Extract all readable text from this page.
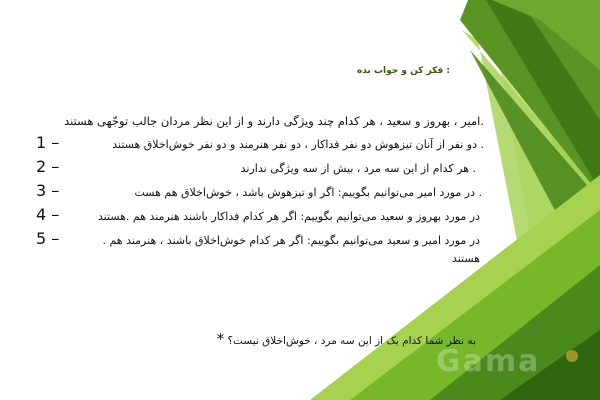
: فکر کن و جواب بده
.امیر ، بهروز و سعید ، هر کدام چند ویژگی دارند و از این نظر مردان جالب توجّهی هستند
1 –	. دو نفر از آنان تیزهوش دو نفر فداکار ، دو نفر هنرمند و دو نفر خوش‌اخلاق هستند
2 –	. هر کدام از این سه مرد ، بیش از سه ویژگی ندارند
3 –	. در مورد امیر می‌توانیم بگوییم: اگر او تیزهوش باشد ، خوش‌اخلاق هم هست
4 –	در مورد بهروز و سعید می‌توانیم بگوییم: اگر هر کدام فداکار باشند هنرمند هم .هستند
5 –	در مورد امیر و سعید می‌توانیم بگوییم: اگر هر کدام خوش‌اخلاق باشند ، هنرمند هم . هستند
به نظر شما کدام یک از این سه مرد ، خوش‌اخلاق نیست؟ *
Gama
